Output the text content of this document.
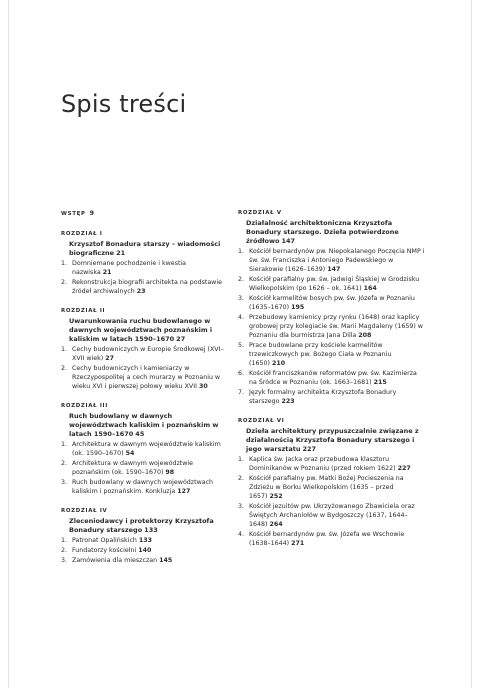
Spis treści
WSTĘP 9
ROZDZIAŁ I
Krzysztof Bonadura starszy – wiadomości biograficzne 21
1. Domniemane pochodzenie i kwestia nazwiska 21
2. Rekonstrukcja biografii architekta na podstawie źródeł archiwalnych 23
ROZDZIAŁ II
Uwarunkowania ruchu budowlanego w dawnych województwach poznańskim i kaliskim w latach 1590–1670 27
1. Cechy budowniczych w Europie Środkowej (XVI–XVII wiek) 27
2. Cechy budowniczych i kamieniarzy w Rzeczypospolitej a cech murarzy w Poznaniu w wieku XVI i pierwszej połowy wieku XVII 30
ROZDZIAŁ III
Ruch budowlany w dawnych województwach kaliskim i poznańskim w latach 1590–1670 45
1. Architektura w dawnym województwie kaliskim (ok. 1590–1670) 54
2. Architektura w dawnym województwie poznańskim (ok. 1590–1670) 98
3. Ruch budowlany w dawnych województwach kaliskim i poznańskim. Konkluzja 127
ROZDZIAŁ IV
Zleceniodawcy i protektorzy Krzysztofa Bonadury starszego 133
1. Patronat Opalińskich 133
2. Fundatorzy kościelni 140
3. Zamówienia dla mieszczan 145
ROZDZIAŁ V
Działalność architektoniczna Krzysztofa Bonadury starszego. Dzieła potwierdzone źródłowo 147
1. Kościół bernardynów pw. Niepokalanego Poczęcia NMP i św. św. Franciszka i Antoniego Padewskiego w Sierakowie (1626–1639) 147
2. Kościół parafialny pw. św. Jadwigi Śląskiej w Grodzisku Wielkopolskim (po 1626 – ok. 1641) 164
3. Kościół karmelitów bosych pw. św. Józefa w Poznaniu (1635–1670) 195
4. Przebudowy kamienicy przy rynku (1648) oraz kaplicy grobowej przy kolegiacie św. Marii Magdaleny (1659) w Poznaniu dla burmistrza Jana Dilla 208
5. Prace budowlane przy kościele karmelitów trzewiczkowych pw. Bożego Ciała w Poznaniu (1650) 210
6. Kościół franciszkanów reformatów pw. św. Kazimierza na Śródce w Poznaniu (ok. 1663–1681) 215
7. Język formalny architekta Krzysztofa Bonadury starszego 223
ROZDZIAŁ VI
Dzieła architektury przypuszczalnie związane z działalnością Krzysztofa Bonadury starszego i jego warsztatu 227
1. Kaplica św. Jacka oraz przebudowa klasztoru Dominikanów w Poznaniu (przed rokiem 1622) 227
2. Kościół parafialny pw. Matki Bożej Pocieszenia na Zdzieżu w Borku Wielkopolskim (1635 – przed 1657) 252
3. Kościół jezuitów pw. Ukrzyżowanego Zbawiciela oraz Świętych Archaniołów w Bydgoszczy (1637, 1644–1648) 264
4. Kościół bernardynów pw. św. Józefa we Wschowie (1638–1644) 271
